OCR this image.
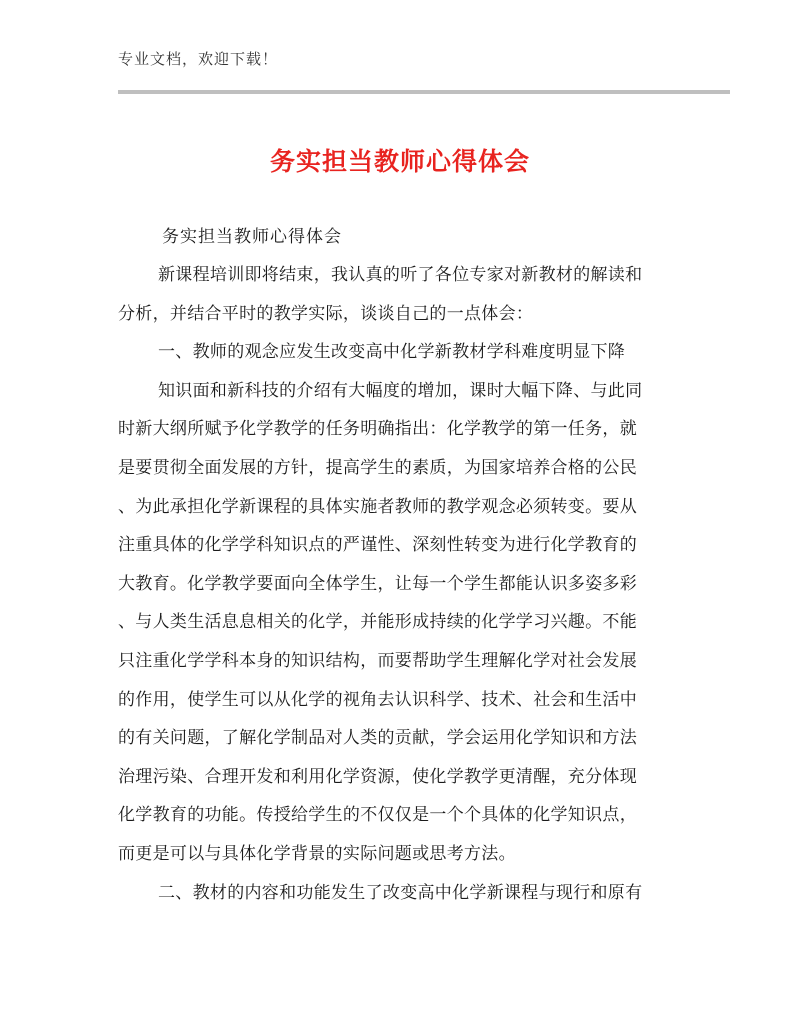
专业文档，欢迎下载！
务实担当教师心得体会
务实担当教师心得体会
新课程培训即将结束，我认真的听了各位专家对新教材的解读和
分析，并结合平时的教学实际，谈谈自己的一点体会：
一、教师的观念应发生改变高中化学新教材学科难度明显下降
知识面和新科技的介绍有大幅度的增加，课时大幅下降、与此同
时新大纲所赋予化学教学的任务明确指出：化学教学的第一任务，就
是要贯彻全面发展的方针，提高学生的素质，为国家培养合格的公民
、为此承担化学新课程的具体实施者教师的教学观念必须转变。要从
注重具体的化学学科知识点的严谨性、深刻性转变为进行化学教育的
大教育。化学教学要面向全体学生，让每一个学生都能认识多姿多彩
、与人类生活息息相关的化学，并能形成持续的化学学习兴趣。不能
只注重化学学科本身的知识结构，而要帮助学生理解化学对社会发展
的作用，使学生可以从化学的视角去认识科学、技术、社会和生活中
的有关问题，了解化学制品对人类的贡献，学会运用化学知识和方法
治理污染、合理开发和利用化学资源，使化学教学更清醒，充分体现
化学教育的功能。传授给学生的不仅仅是一个个具体的化学知识点，
而更是可以与具体化学背景的实际问题或思考方法。
二、教材的内容和功能发生了改变高中化学新课程与现行和原有
